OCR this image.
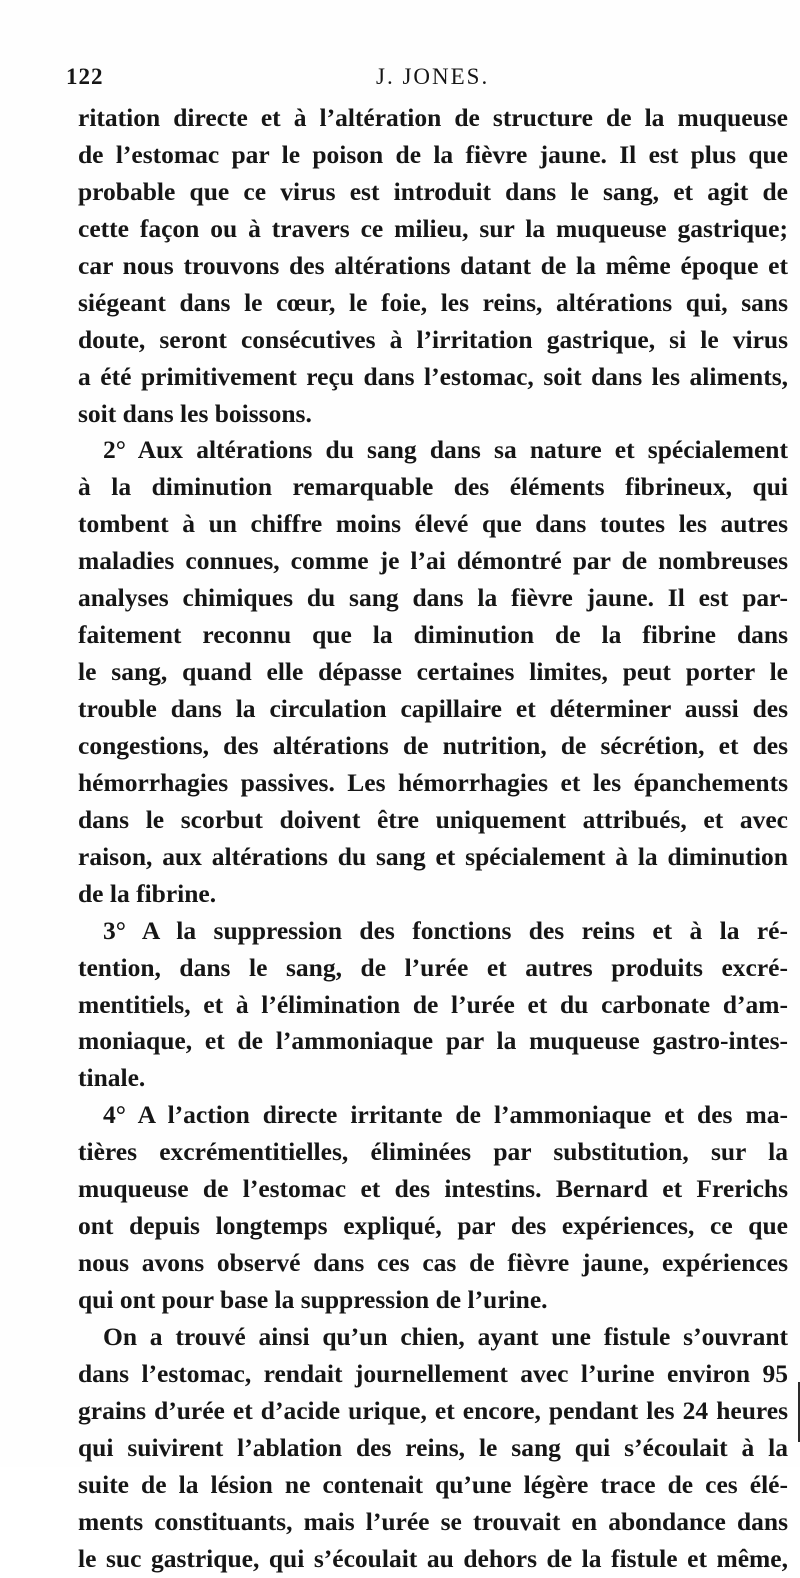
122	J. JONES.
ritation directe et à l’altération de structure de la muqueuse
de l’estomac par le poison de la fièvre jaune. Il est plus que
probable que ce virus est introduit dans le sang, et agit de
cette façon ou à travers ce milieu, sur la muqueuse gastrique;
car nous trouvons des altérations datant de la même époque et
siégeant dans le cœur, le foie, les reins, altérations qui, sans
doute, seront consécutives à l’irritation gastrique, si le virus
a été primitivement reçu dans l’estomac, soit dans les aliments,
soit dans les boissons.
2° Aux altérations du sang dans sa nature et spécialement
à la diminution remarquable des éléments fibrineux, qui
tombent à un chiffre moins élevé que dans toutes les autres
maladies connues, comme je l’ai démontré par de nombreuses
analyses chimiques du sang dans la fièvre jaune. Il est par-
faitement reconnu que la diminution de la fibrine dans
le sang, quand elle dépasse certaines limites, peut porter le
trouble dans la circulation capillaire et déterminer aussi des
congestions, des altérations de nutrition, de sécrétion, et des
hémorrhagies passives. Les hémorrhagies et les épanchements
dans le scorbut doivent être uniquement attribués, et avec
raison, aux altérations du sang et spécialement à la diminution
de la fibrine.
3° A la suppression des fonctions des reins et à la ré-
tention, dans le sang, de l’urée et autres produits excré-
mentitiels, et à l’élimination de l’urée et du carbonate d’am-
moniaque, et de l’ammoniaque par la muqueuse gastro-intes-
tinale.
4° A l’action directe irritante de l’ammoniaque et des ma-
tières excrémentitielles, éliminées par substitution, sur la
muqueuse de l’estomac et des intestins. Bernard et Frerichs
ont depuis longtemps expliqué, par des expériences, ce que
nous avons observé dans ces cas de fièvre jaune, expériences
qui ont pour base la suppression de l’urine.
On a trouvé ainsi qu’un chien, ayant une fistule s’ouvrant
dans l’estomac, rendait journellement avec l’urine environ 95
grains d’urée et d’acide urique, et encore, pendant les 24 heures
qui suivirent l’ablation des reins, le sang qui s’écoulait à la
suite de la lésion ne contenait qu’une légère trace de ces élé-
ments constituants, mais l’urée se trouvait en abondance dans
le suc gastrique, qui s’écoulait au dehors de la fistule et même,
